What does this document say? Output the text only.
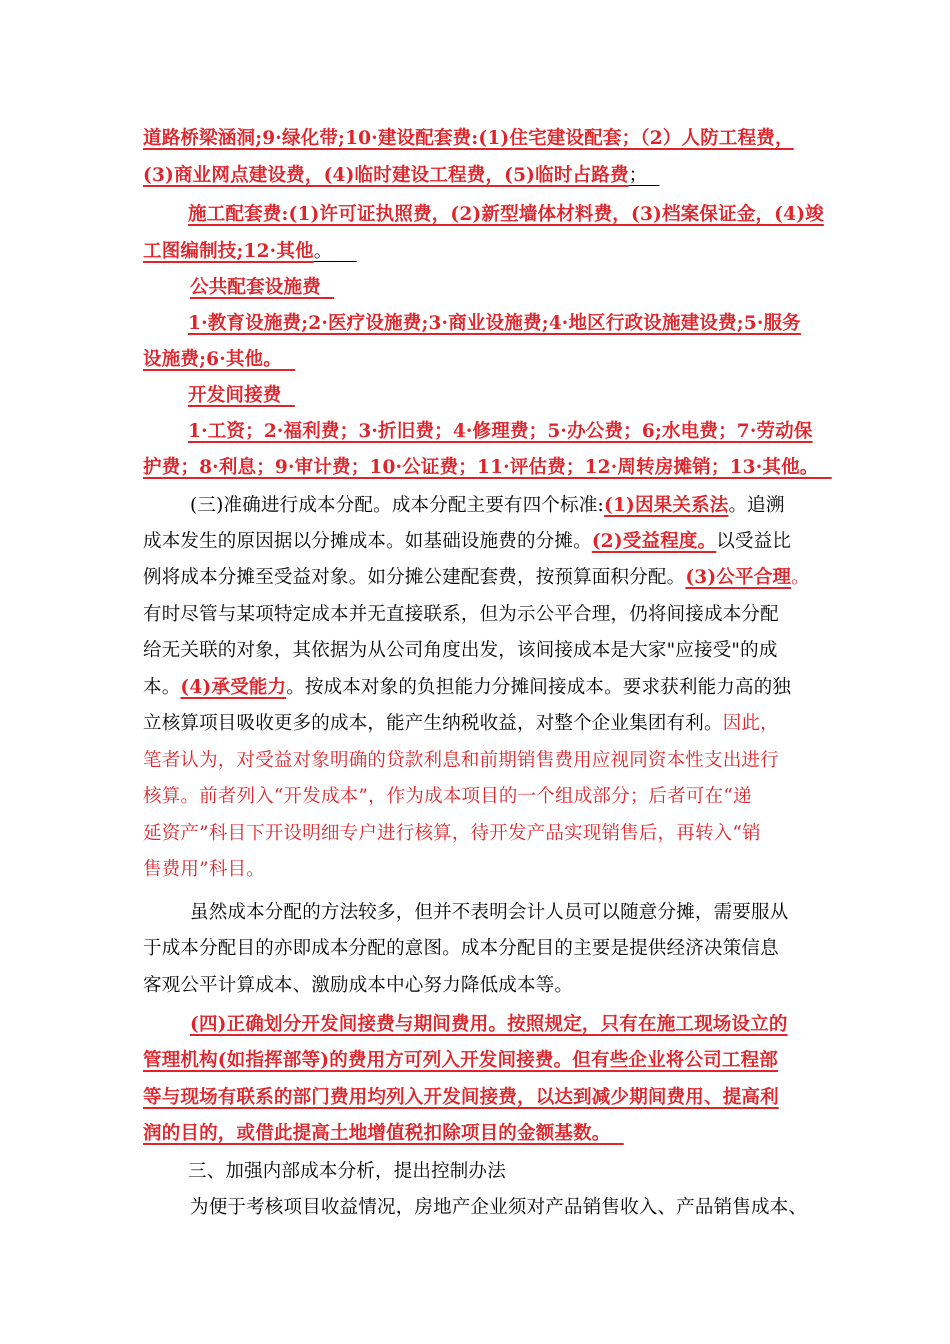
道路桥梁涵洞;9·绿化带;10·建设配套费:(1)住宅建设配套；（2）人防工程费，
(3)商业网点建设费，(4)临时建设工程费，(5)临时占路费；
施工配套费:(1)许可证执照费，(2)新型墙体材料费，(3)档案保证金，(4)竣
工图编制技;12·其他。
公共配套设施费
1·教育设施费;2·医疗设施费;3·商业设施费;4·地区行政设施建设费;5·服务
设施费;6·其他。
开发间接费
1·工资；2·福利费；3·折旧费；4·修理费；5·办公费；6;水电费；7·劳动保
护费；8·利息；9·审计费；10·公证费；11·评估费；12·周转房摊销；13·其他。
(三)准确进行成本分配。成本分配主要有四个标准:(1)因果关系法。追溯
成本发生的原因据以分摊成本。如基础设施费的分摊。(2)受益程度。以受益比
例将成本分摊至受益对象。如分摊公建配套费，按预算面积分配。(3)公平合理。
有时尽管与某项特定成本并无直接联系，但为示公平合理，仍将间接成本分配
给无关联的对象，其依据为从公司角度出发，该间接成本是大家"应接受"的成
本。(4)承受能力。按成本对象的负担能力分摊间接成本。要求获利能力高的独
立核算项目吸收更多的成本，能产生纳税收益，对整个企业集团有利。因此，
笔者认为，对受益对象明确的贷款利息和前期销售费用应视同资本性支出进行
核算。前者列入“开发成本”，作为成本项目的一个组成部分；后者可在“递
延资产”科目下开设明细专户进行核算，待开发产品实现销售后，再转入“销
售费用”科目。
虽然成本分配的方法较多，但并不表明会计人员可以随意分摊，需要服从
于成本分配目的亦即成本分配的意图。成本分配目的主要是提供经济决策信息
客观公平计算成本、激励成本中心努力降低成本等。
(四)正确划分开发间接费与期间费用。按照规定，只有在施工现场设立的
管理机构(如指挥部等)的费用方可列入开发间接费。但有些企业将公司工程部
等与现场有联系的部门费用均列入开发间接费，以达到减少期间费用、提高利
润的目的，或借此提高土地增值税扣除项目的金额基数。
三、加强内部成本分析，提出控制办法
为便于考核项目收益情况，房地产企业须对产品销售收入、产品销售成本、
